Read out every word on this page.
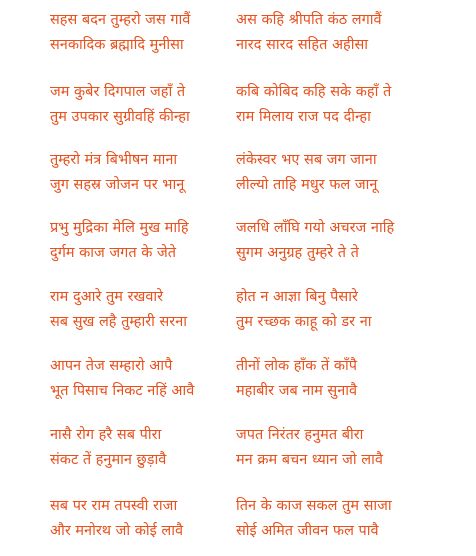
सहस बदन तुम्हरो जस गावैं
सनकादिक ब्रह्मादि मुनीसा
अस कहि श्रीपति कंठ लगावैं
नारद सारद सहित अहीसा
जम कुबेर दिगपाल जहाँ ते
तुम उपकार सुग्रीवहिं कीन्हा
कबि कोबिद कहि सके कहाँ ते
राम मिलाय राज पद दीन्हा
तुम्हरो मंत्र बिभीषन माना
जुग सहस्र जोजन पर भानू
लंकेस्वर भए सब जग जाना
लील्यो ताहि मधुर फल जानू
प्रभु मुद्रिका मेलि मुख माहि
दुर्गम काज जगत के जेते
जलधि लाँघि गयो अचरज नाहि
सुगम अनुग्रह तुम्हरे ते ते
राम दुआरे तुम रखवारे
सब सुख लहै तुम्हारी सरना
होत न आज्ञा बिनु पैसारे
तुम रच्छक काहू को डर ना
आपन तेज सम्हारो आपै
भूत पिसाच निकट नहिं आवै
तीनों लोक हाँक तें काँपै
महाबीर जब नाम सुनावै
नासै रोग हरै सब पीरा
संकट तें हनुमान छुड़ावै
जपत निरंतर हनुमत बीरा
मन क्रम बचन ध्यान जो लावै
सब पर राम तपस्वी राजा
और मनोरथ जो कोई लावै
तिन के काज सकल तुम साजा
सोई अमित जीवन फल पावै
